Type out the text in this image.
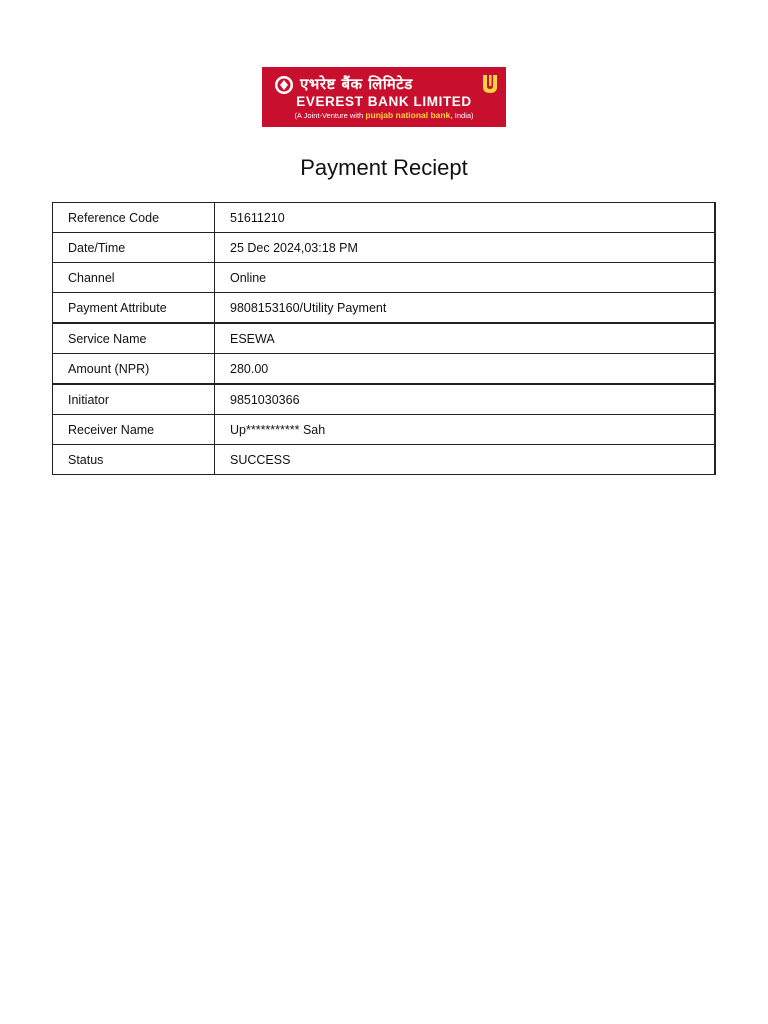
एभरेष्ट बैंक लिमिटेड
EVEREST BANK LIMITED
(A Joint-Venture with punjab national bank, India)
Payment Reciept
Reference Code	51611210
Date/Time	25 Dec 2024,03:18 PM
Channel	Online
Payment Attribute	9808153160/Utility Payment
Service Name	ESEWA
Amount (NPR)	280.00
Initiator	9851030366
Receiver Name	Up*********** Sah
Status	SUCCESS
